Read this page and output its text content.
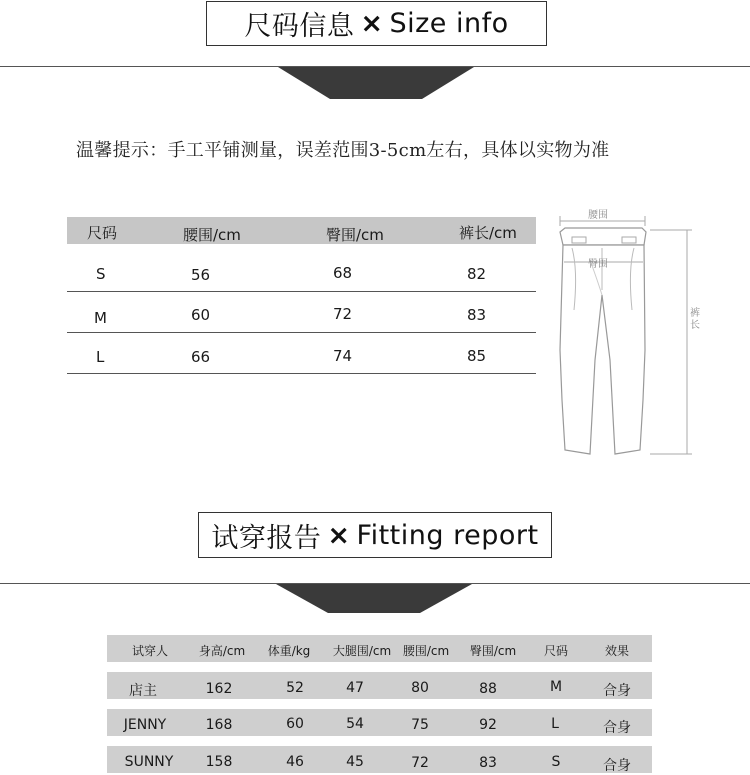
尺码信息 × Size info
温馨提示：手工平铺测量，误差范围3-5cm左右，具体以实物为准
尺码	腰围/cm	臀围/cm	裤长/cm
S	56	68	82
M	60	72	83
L	66	74	85
腰围
臀围
裤长
试穿报告 × Fitting report
试穿人	身高/cm 体重/kg 大腿围/cm 腰围/cm 臀围/cm 尺码	效果
店主	162	52	47	80	88	M	合身
JENNY	168	60	54	75	92	L	合身
SUNNY 158	46	45	72	83	S	合身
